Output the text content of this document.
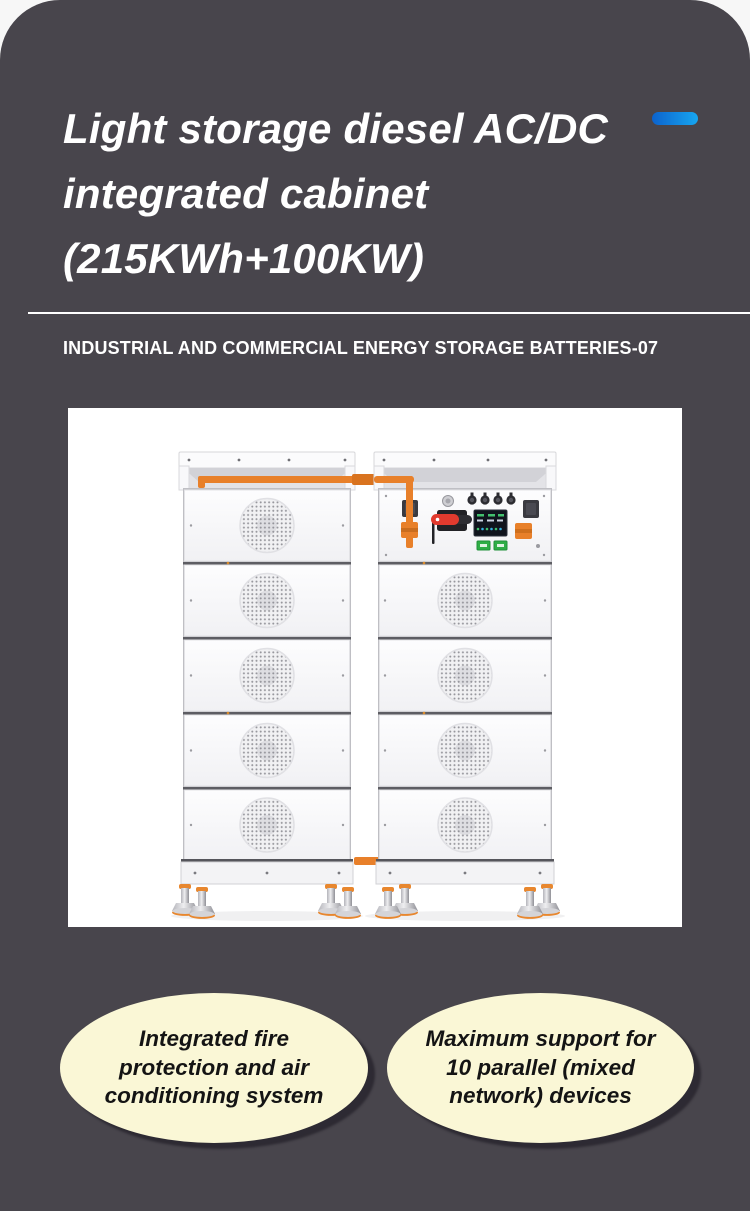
Light storage diesel AC/DC
integrated cabinet
(215KWh+100KW)
INDUSTRIAL AND COMMERCIAL ENERGY STORAGE BATTERIES-07
Integrated fire protection and air conditioning system
Maximum support for 10 parallel (mixed network) devices
